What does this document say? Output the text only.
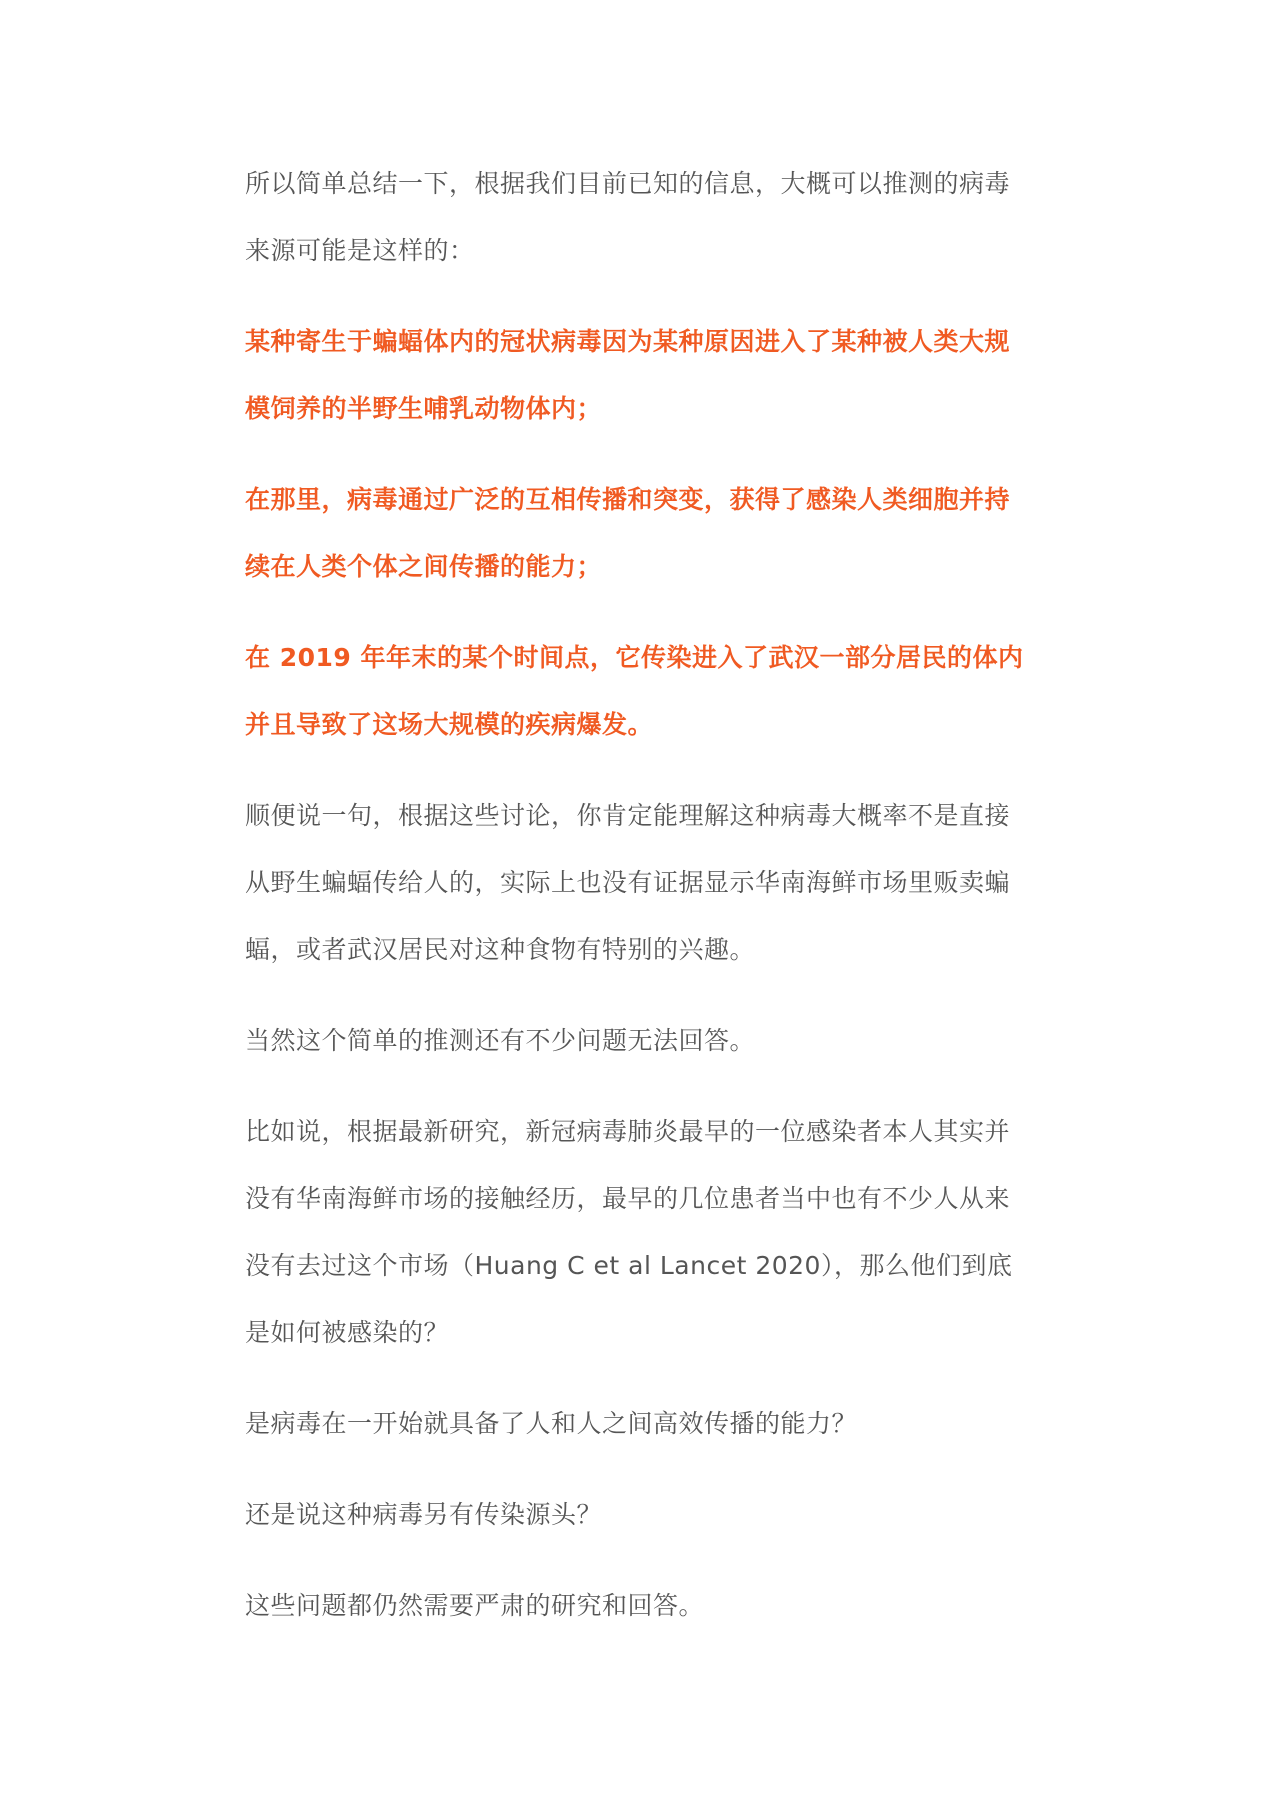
所以简单总结一下，根据我们目前已知的信息，大概可以推测的病毒来源可能是这样的：

某种寄生于蝙蝠体内的冠状病毒因为某种原因进入了某种被人类大规模饲养的半野生哺乳动物体内；

在那里，病毒通过广泛的互相传播和突变，获得了感染人类细胞并持续在人类个体之间传播的能力；

在 2019 年年末的某个时间点，它传染进入了武汉一部分居民的体内并且导致了这场大规模的疾病爆发。

顺便说一句，根据这些讨论，你肯定能理解这种病毒大概率不是直接从野生蝙蝠传给人的，实际上也没有证据显示华南海鲜市场里贩卖蝙蝠，或者武汉居民对这种食物有特别的兴趣。

当然这个简单的推测还有不少问题无法回答。

比如说，根据最新研究，新冠病毒肺炎最早的一位感染者本人其实并没有华南海鲜市场的接触经历，最早的几位患者当中也有不少人从来没有去过这个市场（Huang C et al Lancet 2020），那么他们到底是如何被感染的？

是病毒在一开始就具备了人和人之间高效传播的能力？

还是说这种病毒另有传染源头？

这些问题都仍然需要严肃的研究和回答。
